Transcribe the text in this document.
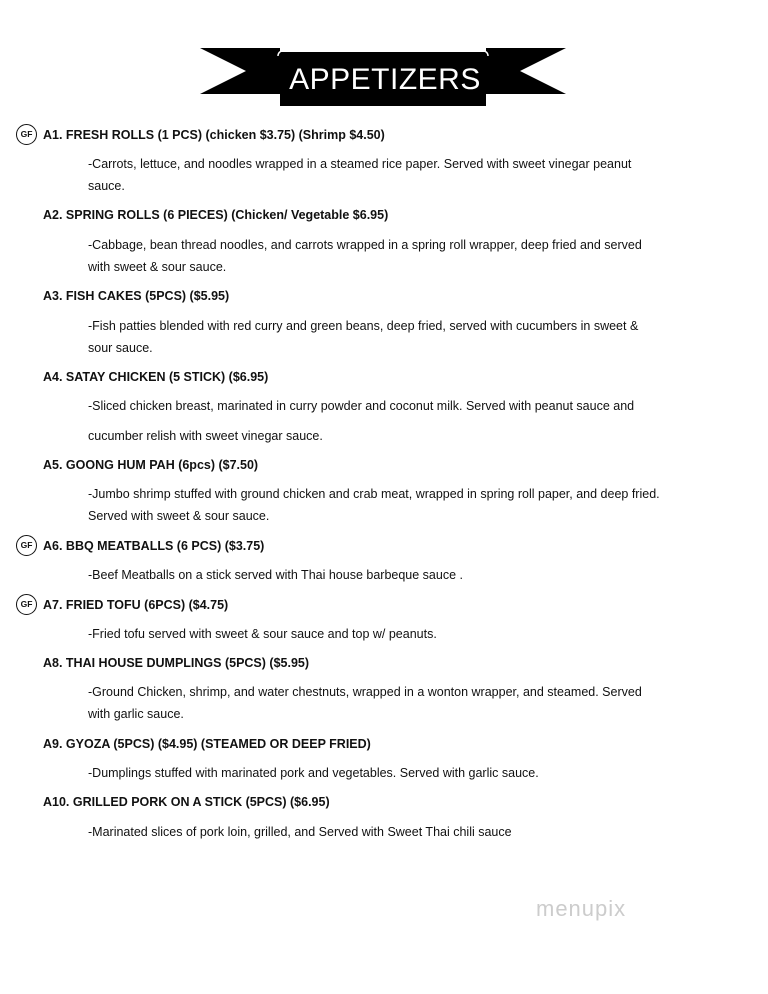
APPETIZERS
GF A1. FRESH ROLLS (1 PCS) (chicken $3.75) (Shrimp $4.50)
-Carrots, lettuce, and noodles wrapped in a steamed rice paper. Served with sweet vinegar peanut
sauce.
A2. SPRING ROLLS (6 PIECES) (Chicken/ Vegetable $6.95)
-Cabbage, bean thread noodles, and carrots wrapped in a spring roll wrapper, deep fried and served
with sweet & sour sauce.
A3. FISH CAKES (5PCS) ($5.95)
-Fish patties blended with red curry and green beans, deep fried, served with cucumbers in sweet &
sour sauce.
A4. SATAY CHICKEN (5 STICK) ($6.95)
-Sliced chicken breast, marinated in curry powder and coconut milk. Served with peanut sauce and
cucumber relish with sweet vinegar sauce.
A5. GOONG HUM PAH (6pcs) ($7.50)
-Jumbo shrimp stuffed with ground chicken and crab meat, wrapped in spring roll paper, and deep fried.
Served with sweet & sour sauce.
GF A6. BBQ MEATBALLS (6 PCS) ($3.75)
-Beef Meatballs on a stick served with Thai house barbeque sauce .
GF A7. FRIED TOFU (6PCS) ($4.75)
-Fried tofu served with sweet & sour sauce and top w/ peanuts.
A8. THAI HOUSE DUMPLINGS (5PCS) ($5.95)
-Ground Chicken, shrimp, and water chestnuts, wrapped in a wonton wrapper, and steamed. Served
with garlic sauce.
A9. GYOZA (5PCS) ($4.95) (STEAMED OR DEEP FRIED)
-Dumplings stuffed with marinated pork and vegetables. Served with garlic sauce.
A10. GRILLED PORK ON A STICK (5PCS) ($6.95)
-Marinated slices of pork loin, grilled, and Served with Sweet Thai chili sauce
menupix
